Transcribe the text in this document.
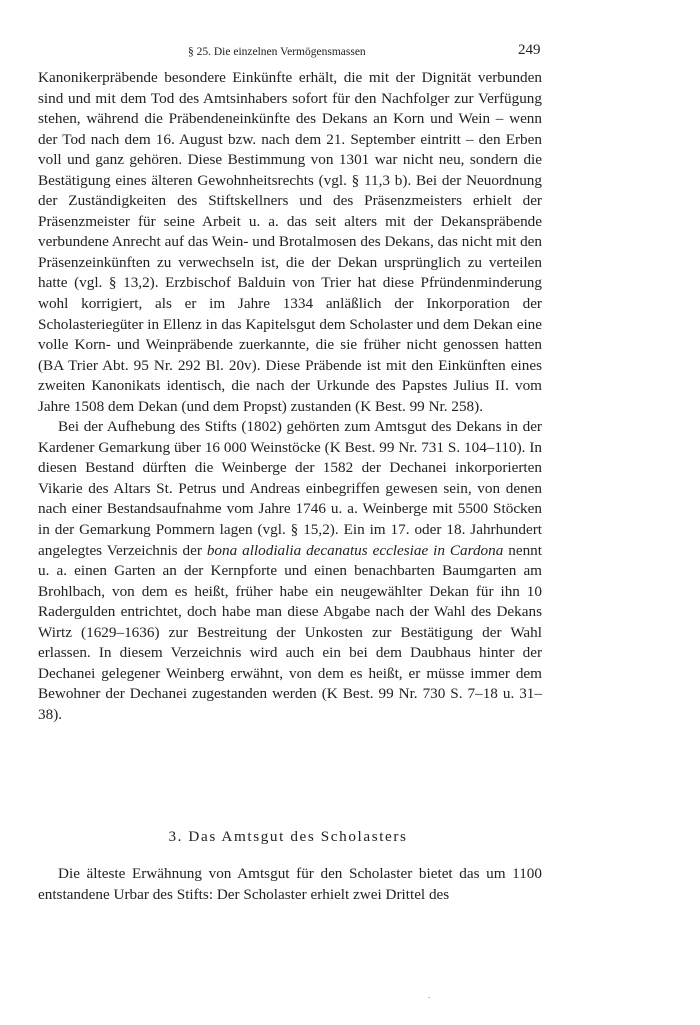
§ 25. Die einzelnen Vermögensmassen	249

Kanonikerpräbende besondere Einkünfte erhält, die mit der Dignität verbunden sind und mit dem Tod des Amtsinhabers sofort für den Nachfolger zur Verfügung stehen, während die Präbendeneinkünfte des Dekans an Korn und Wein – wenn der Tod nach dem 16. August bzw. nach dem 21. September eintritt – den Erben voll und ganz gehören. Diese Bestimmung von 1301 war nicht neu, sondern die Bestätigung eines älteren Gewohnheitsrechts (vgl. § 11,3 b). Bei der Neuordnung der Zuständigkeiten des Stiftskellners und des Präsenzmeisters erhielt der Präsenzmeister für seine Arbeit u. a. das seit alters mit der Dekanspräbende verbundene Anrecht auf das Wein- und Brotalmosen des Dekans, das nicht mit den Präsenzeinkünften zu verwechseln ist, die der Dekan ursprünglich zu verteilen hatte (vgl. § 13,2). Erzbischof Balduin von Trier hat diese Pfründenminderung wohl korrigiert, als er im Jahre 1334 anläßlich der Inkorporation der Scholasteriegüter in Ellenz in das Kapitelsgut dem Scholaster und dem Dekan eine volle Korn- und Weinpräbende zuerkannte, die sie früher nicht genossen hatten (BA Trier Abt. 95 Nr. 292 Bl. 20v). Diese Präbende ist mit den Einkünften eines zweiten Kanonikats identisch, die nach der Urkunde des Papstes Julius II. vom Jahre 1508 dem Dekan (und dem Propst) zustanden (K Best. 99 Nr. 258).

Bei der Aufhebung des Stifts (1802) gehörten zum Amtsgut des Dekans in der Kardener Gemarkung über 16 000 Weinstöcke (K Best. 99 Nr. 731 S. 104–110). In diesen Bestand dürften die Weinberge der 1582 der Dechanei inkorporierten Vikarie des Altars St. Petrus und Andreas einbegriffen gewesen sein, von denen nach einer Bestandsaufnahme vom Jahre 1746 u. a. Weinberge mit 5500 Stöcken in der Gemarkung Pommern lagen (vgl. § 15,2). Ein im 17. oder 18. Jahrhundert angelegtes Verzeichnis der bona allodialia decanatus ecclesiae in Cardona nennt u. a. einen Garten an der Kernpforte und einen benachbarten Baumgarten am Brohlbach, von dem es heißt, früher habe ein neugewählter Dekan für ihn 10 Radergulden entrichtet, doch habe man diese Abgabe nach der Wahl des Dekans Wirtz (1629–1636) zur Bestreitung der Unkosten zur Bestätigung der Wahl erlassen. In diesem Verzeichnis wird auch ein bei dem Daubhaus hinter der Dechanei gelegener Weinberg erwähnt, von dem es heißt, er müsse immer dem Bewohner der Dechanei zugestanden werden (K Best. 99 Nr. 730 S. 7–18 u. 31–38).

3. Das Amtsgut des Scholasters

Die älteste Erwähnung von Amtsgut für den Scholaster bietet das um 1100 entstandene Urbar des Stifts: Der Scholaster erhielt zwei Drittel des
